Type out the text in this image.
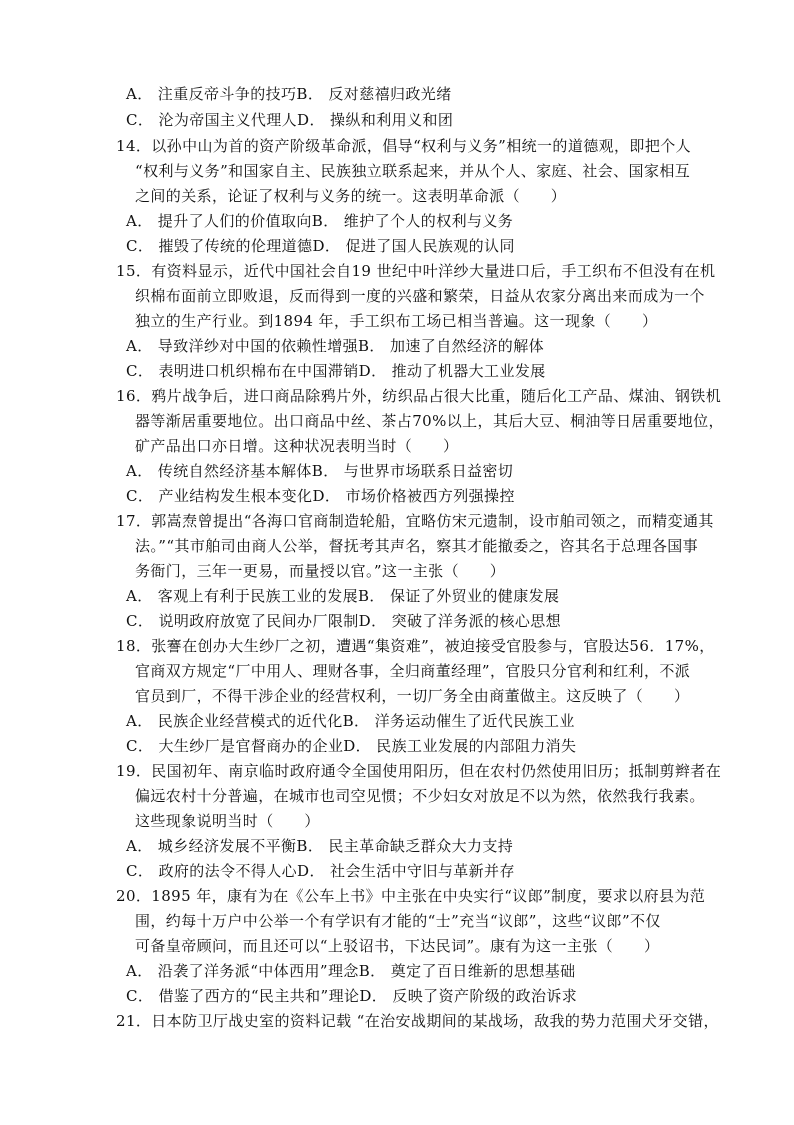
A． 注重反帝斗争的技巧B． 反对慈禧归政光绪
C． 沦为帝国主义代理人D． 操纵和利用义和团
14．以孙中山为首的资产阶级革命派，倡导“权利与义务”相统一的道德观，即把个人
“权利与义务”和国家自主、民族独立联系起来，并从个人、家庭、社会、国家相互
之间的关系，论证了权利与义务的统一。这表明革命派（　　）
A． 提升了人们的价值取向B． 维护了个人的权利与义务
C． 摧毁了传统的伦理道德D． 促进了国人民族观的认同
15．有资料显示，近代中国社会自19 世纪中叶洋纱大量进口后，手工织布不但没有在机
织棉布面前立即败退，反而得到一度的兴盛和繁荣，日益从农家分离出来而成为一个
独立的生产行业。到1894 年，手工织布工场已相当普遍。这一现象（　　）
A． 导致洋纱对中国的依赖性增强B． 加速了自然经济的解体
C． 表明进口机织棉布在中国滞销D． 推动了机器大工业发展
16．鸦片战争后，进口商品除鸦片外，纺织品占很大比重，随后化工产品、煤油、钢铁机
器等渐居重要地位。出口商品中丝、茶占70%以上，其后大豆、桐油等日居重要地位，
矿产品出口亦日增。这种状况表明当时（　　）
A． 传统自然经济基本解体B． 与世界市场联系日益密切
C． 产业结构发生根本变化D． 市场价格被西方列强操控
17．郭嵩焘曾提出“各海口官商制造轮船，宜略仿宋元遗制，设市舶司领之，而精変通其
法。”“其市舶司由商人公举，督抚考其声名，察其才能撤委之，咨其名于总理各国事
务衙门，三年一更易，而量授以官。”这一主张（　　）
A． 客观上有利于民族工业的发展B． 保证了外贸业的健康发展
C． 说明政府放宽了民间办厂限制D． 突破了洋务派的核心思想
18．张謇在创办大生纱厂之初，遭遇“集资难”，被迫接受官股参与，官股达56．17%，
官商双方规定“厂中用人、理财各事，全归商董经理”，官股只分官利和红利，不派
官员到厂，不得干涉企业的经营权利，一切厂务全由商董做主。这反映了（　　）
A． 民族企业经营模式的近代化B． 洋务运动催生了近代民族工业
C． 大生纱厂是官督商办的企业D． 民族工业发展的内部阻力消失
19．民国初年、南京临时政府通令全国使用阳历，但在农村仍然使用旧历；抵制剪辫者在
偏远农村十分普遍，在城市也司空见惯；不少妇女对放足不以为然，依然我行我素。
这些现象说明当时（　　）
A． 城乡经济发展不平衡B． 民主革命缺乏群众大力支持
C． 政府的法令不得人心D． 社会生活中守旧与革新并存
20．1895 年，康有为在《公车上书》中主张在中央实行“议郎”制度，要求以府县为范
围，约每十万户中公举一个有学识有才能的“士”充当“议郎”，这些“议郎”不仅
可备皇帝顾问，而且还可以“上驳诏书，下达民词”。康有为这一主张（　　）
A． 沿袭了洋务派“中体西用”理念B． 奠定了百日维新的思想基础
C． 借鉴了西方的“民主共和”理论D． 反映了资产阶级的政治诉求
21．日本防卫厅战史室的资料记载 “在治安战期间的某战场，敌我的势力范围犬牙交错，
